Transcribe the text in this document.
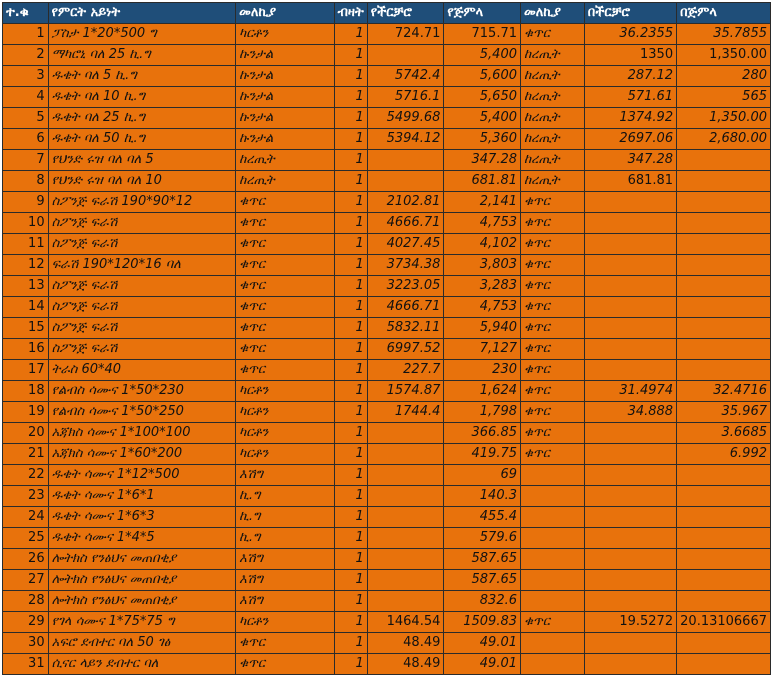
ተ.ቁ	የምርት አይነት	መለኪያ	ብዛት	የችርቻሮ	የጅምላ	መለኪያ	በችርቻሮ	በጅምላ
1	ፓስታ 1*20*500 ግ	ካርቶን	1	724.71	715.71	ቁጥር	36.2355	35.7855
2	ማካሮኒ ባለ 25 ኪ.ግ	ኩንታል	1		5,400	ከረጢት	1350	1,350.00
3	ዱቄት ባለ 5 ኪ.ግ	ኩንታል	1	5742.4	5,600	ከረጢት	287.12	280
4	ዱቄት ባለ 10 ኪ.ግ	ኩንታል	1	5716.1	5,650	ከረጢት	571.61	565
5	ዱቄት ባለ 25 ኪ.ግ	ኩንታል	1	5499.68	5,400	ከረጢት	1374.92	1,350.00
6	ዱቄት ባለ 50 ኪ.ግ	ኩንታል	1	5394.12	5,360	ከረጢት	2697.06	2,680.00
7	የህንድ ሩዝ ባለ ባለ 5	ከረጢት	1		347.28	ከረጢት	347.28	
8	የህንድ ሩዝ ባለ ባለ 10	ከረጢት	1		681.81	ከረጢት	681.81	
9	ስፖንጅ ፍራሽ 190*90*12	ቁጥር	1	2102.81	2,141	ቁጥር		
10	ስፖንጅ ፍራሽ	ቁጥር	1	4666.71	4,753	ቁጥር		
11	ስፖንጅ ፍራሽ	ቁጥር	1	4027.45	4,102	ቁጥር		
12	ፍራሽ 190*120*16 ባለ	ቁጥር	1	3734.38	3,803	ቁጥር		
13	ስፖንጅ ፍራሽ	ቁጥር	1	3223.05	3,283	ቁጥር		
14	ስፖንጅ ፍራሽ	ቁጥር	1	4666.71	4,753	ቁጥር		
15	ስፖንጅ ፍራሽ	ቁጥር	1	5832.11	5,940	ቁጥር		
16	ስፖንጅ ፍራሽ	ቁጥር	1	6997.52	7,127	ቁጥር		
17	ትራስ 60*40	ቁጥር	1	227.7	230	ቁጥር		
18	የልብስ ሳሙና 1*50*230	ካርቶን	1	1574.87	1,624	ቁጥር	31.4974	32.4716
19	የልብስ ሳሙና 1*50*250	ካርቶን	1	1744.4	1,798	ቁጥር	34.888	35.967
20	አጃክስ ሳሙና 1*100*100	ካርቶን	1		366.85	ቁጥር		3.6685
21	አጃክስ ሳሙና 1*60*200	ካርቶን	1		419.75	ቁጥር		6.992
22	ዱቄት ሳሙና 1*12*500	እሽግ	1		69			
23	ዱቄት ሳሙና 1*6*1	ኪ.ግ	1		140.3			
24	ዱቄት ሳሙና 1*6*3	ኪ.ግ	1		455.4			
25	ዱቄት ሳሙና 1*4*5	ኪ.ግ	1		579.6			
26	ሎትክስ የንፅህና መጠበቂያ	እሽግ	1		587.65			
27	ሎትክስ የንፅህና መጠበቂያ	እሽግ	1		587.65			
28	ሎትክስ የንፅህና መጠበቂያ	እሽግ	1		832.6			
29	የገላ ሳሙና 1*75*75 ግ	ካርቶን	1	1464.54	1509.83	ቁጥር	19.5272	20.13106667
30	አፍሮ ደብተር ባለ 50 ገፅ	ቁጥር	1	48.49	49.01			
31	ሲናር ላይን ደብተር ባለ	ቁጥር	1	48.49	49.01			
